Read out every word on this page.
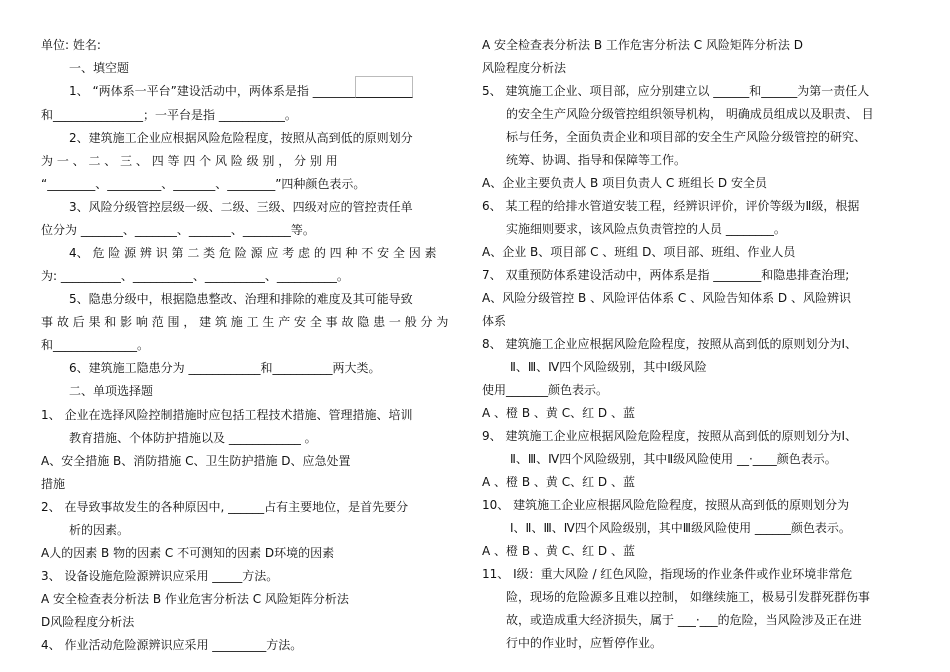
单位: 姓名:
一、填空题
1、 “两体系一平台”建设活动中，两体系是指 __________
和_______________；一平台是指 ___________。
2、建筑施工企业应根据风险危险程度，按照从高到低的原则划分
为 一 、 二 、 三 、 四 等 四 个 风 险 级 别 ， 分 别 用
“________、_________、_______、________”四种颜色表示。
3、风险分级管控层级一级、二级、三级、四级对应的管控责任单
位分为 _______、_______、_______、________等。
4、 危 险 源 辨 识 第 二 类 危 险 源 应 考 虑 的 四 种 不 安 全 因 素
为: __________、__________、__________、__________。
5、隐患分级中，根据隐患整改、治理和排除的难度及其可能导致
事 故 后 果 和 影 响 范 围 ， 建 筑 施 工 生 产 安 全 事 故 隐 患 一 般 分 为
和______________。
6、建筑施工隐患分为 ____________和__________两大类。
二、单项选择题
1、 企业在选择风险控制措施时应包括工程技术措施、管理措施、培训
教育措施、个体防护措施以及 ____________ 。
A、安全措施 B、消防措施 C、卫生防护措施 D、应急处置
措施
2、 在导致事故发生的各种原因中, ______占有主要地位，是首先要分
析的因素。
A人的因素 B 物的因素 C 不可测知的因素 D环境的因素
3、 设备设施危险源辨识应采用 _____方法。
A 安全检查表分析法 B 作业危害分析法 C 风险矩阵分析法
D风险程度分析法
4、 作业活动危险源辨识应采用 _________方法。
A 安全检查表分析法 B 工作危害分析法 C 风险矩阵分析法 D
风险程度分析法
5、 建筑施工企业、项目部，应分别建立以 ______和______为第一责任人
的安全生产风险分级管控组织领导机构， 明确成员组成以及职责、 目
标与任务，全面负责企业和项目部的安全生产风险分级管控的研究、
统筹、协调、指导和保障等工作。
A、企业主要负责人 B 项目负责人 C 班组长 D 安全员
6、 某工程的给排水管道安装工程，经辨识评价，评价等级为Ⅱ级，根据
实施细则要求，该风险点负责管控的人员 ________。
A、企业 B、项目部 C 、班组 D、项目部、班组、作业人员
7、 双重预防体系建设活动中，两体系是指 ________和隐患排查治理;
A、风险分级管控 B 、风险评估体系 C 、风险告知体系 D 、风险辨识
体系
8、 建筑施工企业应根据风险危险程度，按照从高到低的原则划分为Ⅰ、
Ⅱ、Ⅲ、Ⅳ四个风险级别，其中Ⅰ级风险
使用_______颜色表示。
A 、橙 B 、黄 C、红 D 、蓝
9、 建筑施工企业应根据风险危险程度，按照从高到低的原则划分为Ⅰ、
Ⅱ、Ⅲ、Ⅳ四个风险级别，其中Ⅱ级风险使用 __·____颜色表示。
A 、橙 B 、黄 C、红 D 、蓝
10、 建筑施工企业应根据风险危险程度，按照从高到低的原则划分为
Ⅰ、Ⅱ、Ⅲ、Ⅳ四个风险级别，其中Ⅲ级风险使用 ______颜色表示。
A 、橙 B 、黄 C、红 D 、蓝
11、 Ⅰ级：重大风险 / 红色风险，指现场的作业条件或作业环境非常危
险，现场的危险源多且难以控制， 如继续施工，极易引发群死群伤事
故，或造成重大经济损失，属于 ___·___的危险，当风险涉及正在进
行中的作业时，应暂停作业。
